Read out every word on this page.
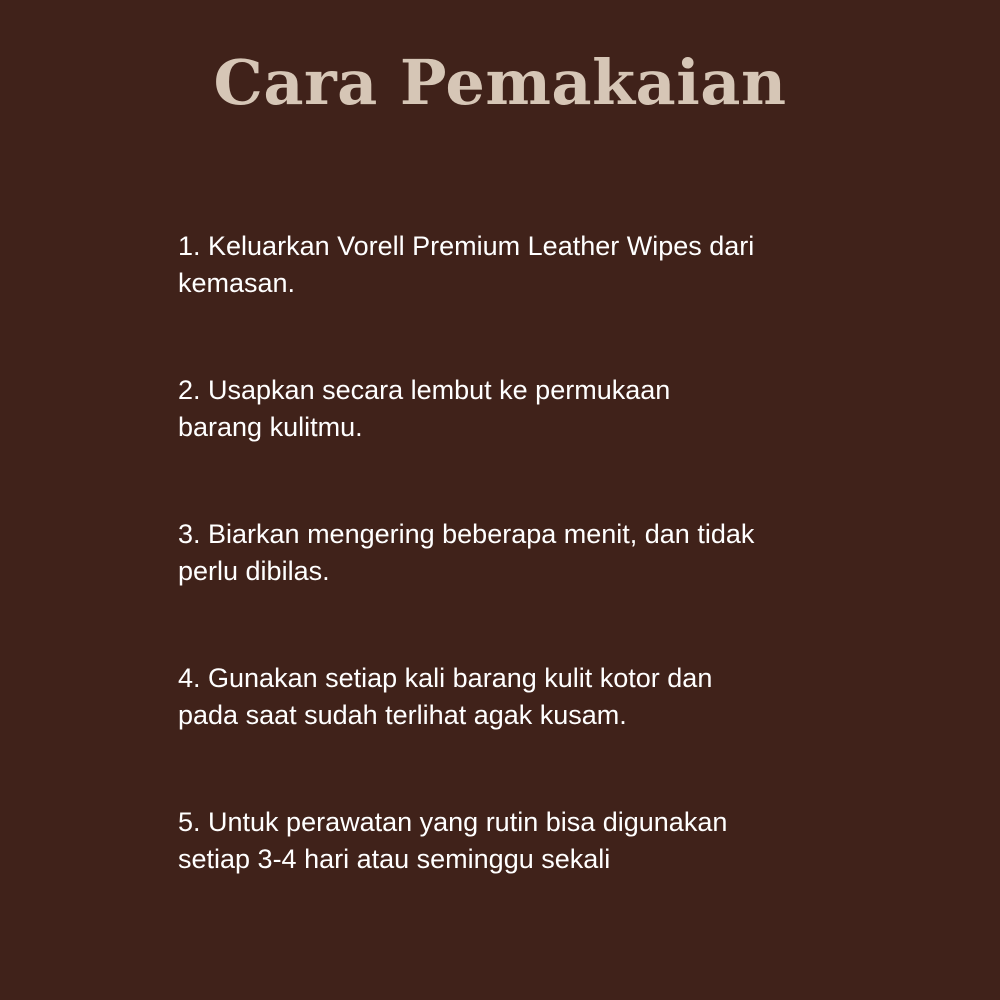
Cara Pemakaian
1. Keluarkan Vorell Premium Leather Wipes dari
kemasan.
2. Usapkan secara lembut ke permukaan
barang kulitmu.
3. Biarkan mengering beberapa menit, dan tidak
perlu dibilas.
4. Gunakan setiap kali barang kulit kotor dan
pada saat sudah terlihat agak kusam.
5. Untuk perawatan yang rutin bisa digunakan
setiap 3-4 hari atau seminggu sekali
